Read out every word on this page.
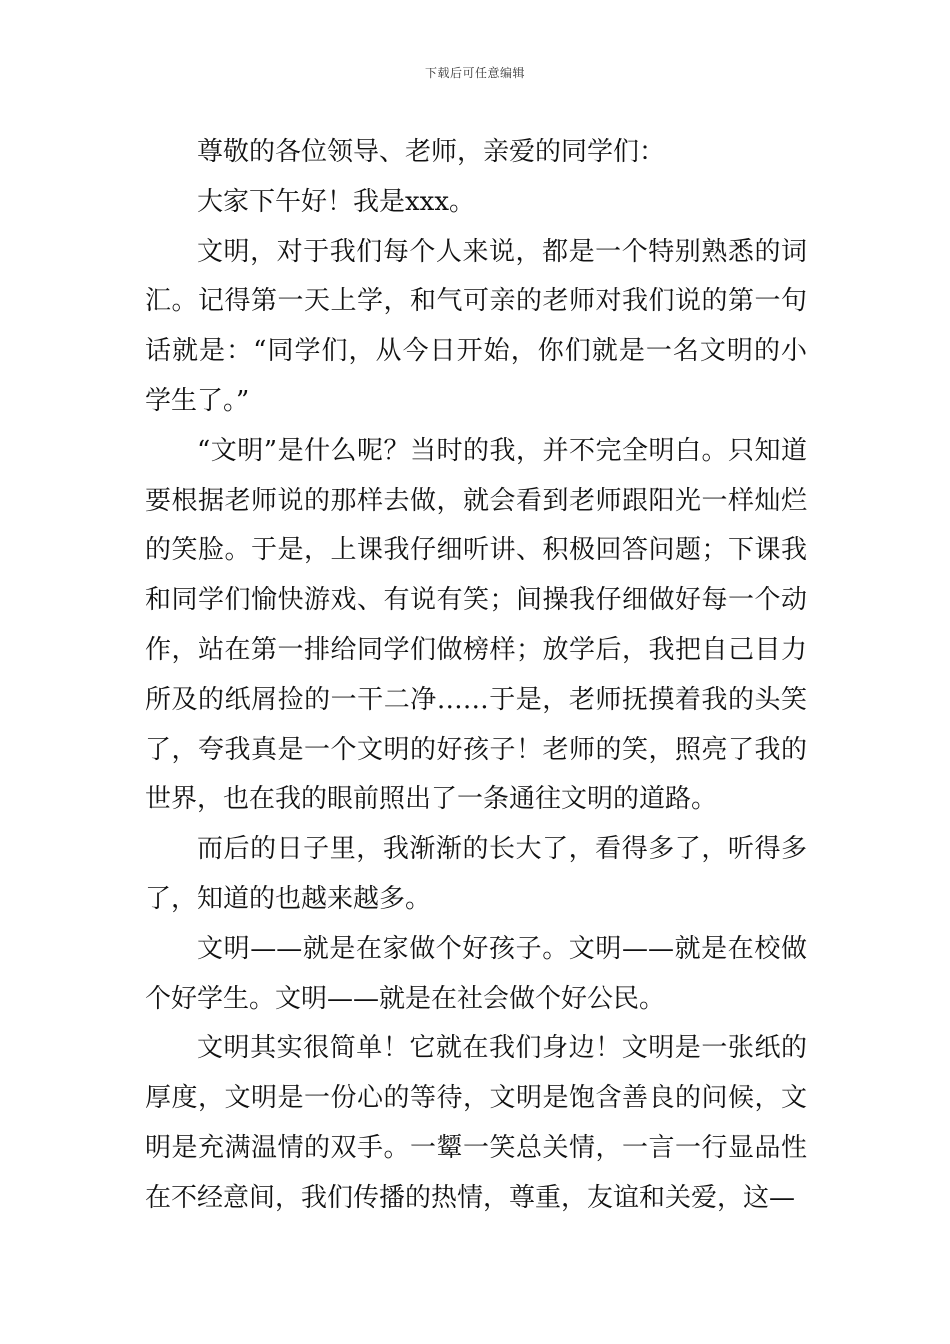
下载后可任意编辑

尊敬的各位领导、老师，亲爱的同学们：

大家下午好！我是xxx。

文明，对于我们每个人来说，都是一个特别熟悉的词汇。记得第一天上学，和气可亲的老师对我们说的第一句话就是：“同学们，从今日开始，你们就是一名文明的小学生了。”

“文明”是什么呢？当时的我，并不完全明白。只知道要根据老师说的那样去做，就会看到老师跟阳光一样灿烂的笑脸。于是，上课我仔细听讲、积极回答问题；下课我和同学们愉快游戏、有说有笑；间操我仔细做好每一个动作，站在第一排给同学们做榜样；放学后，我把自己目力所及的纸屑捡的一干二净……于是，老师抚摸着我的头笑了，夸我真是一个文明的好孩子！老师的笑，照亮了我的世界，也在我的眼前照出了一条通往文明的道路。

而后的日子里，我渐渐的长大了，看得多了，听得多了，知道的也越来越多。

文明——就是在家做个好孩子。文明——就是在校做个好学生。文明——就是在社会做个好公民。

文明其实很简单！它就在我们身边！文明是一张纸的厚度，文明是一份心的等待，文明是饱含善良的问候，文明是充满温情的双手。一颦一笑总关情，一言一行显品性在不经意间，我们传播的热情，尊重，友谊和关爱，这—
